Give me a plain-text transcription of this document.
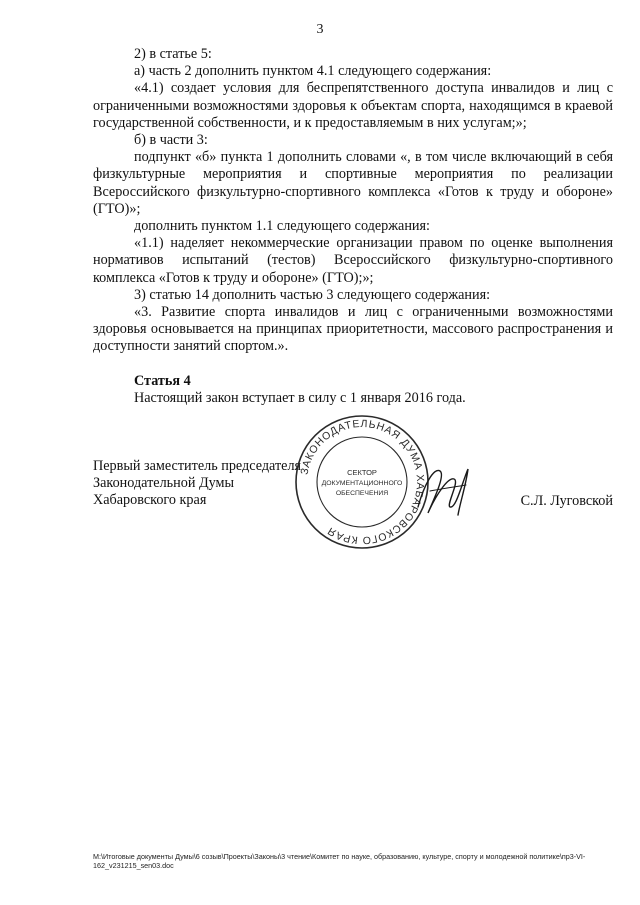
3

2) в статье 5:

а) часть 2 дополнить пунктом 4.1 следующего содержания:

«4.1) создает условия для беспрепятственного доступа инвалидов и лиц с ограниченными возможностями здоровья к объектам спорта, находящимся в краевой государственной собственности, и к предоставляемым в них услугам;»;

б) в части 3:

подпункт «б» пункта 1 дополнить словами «, в том числе включающий в себя физкультурные мероприятия и спортивные мероприятия по реализации Всероссийского физкультурно-спортивного комплекса «Готов к труду и обороне» (ГТО)»;

дополнить пунктом 1.1 следующего содержания:

«1.1) наделяет некоммерческие организации правом по оценке выполнения нормативов испытаний (тестов) Всероссийского физкультурно-спортивного комплекса «Готов к труду и обороне» (ГТО);»;

3) статью 14 дополнить частью 3 следующего содержания:

«3. Развитие спорта инвалидов и лиц с ограниченными возможностями здоровья основывается на принципах приоритетности, массового распространения и доступности занятий спортом.».

Статья 4

Настоящий закон вступает в силу с 1 января 2016 года.

Первый заместитель председателя

Законодательной Думы

Хабаровского края	С.Л. Луговской
ЗАКОНОДАТЕЛЬНАЯ ДУМА ХАБАРОВСКОГО КРАЯ
СЕКТОР
ДОКУМЕНТАЦИОННОГО
ОБЕСПЕЧЕНИЯ
M:\Итоговые документы Думы\6 созыв\Проекты\Законы\3 чтение\Комитет по науке, образованию, культуре, спорту и молодежной политике\пр3-VI-162_v231215_sen03.doc
